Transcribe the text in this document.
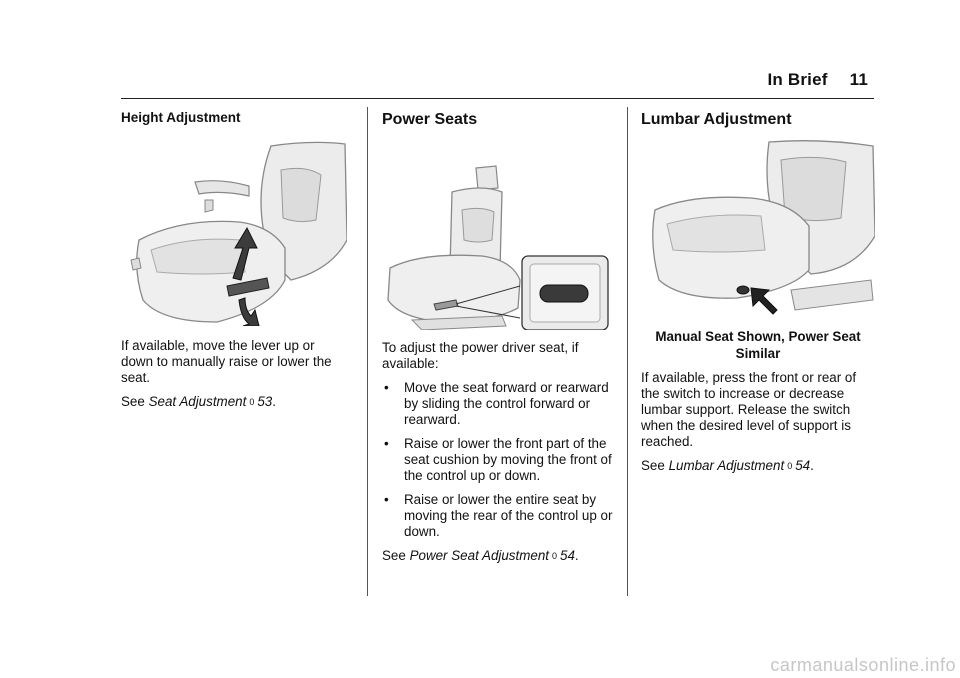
In Brief 11
Height Adjustment

If available, move the lever up or down to manually raise or lower the seat.

See Seat Adjustment 0 53.

Power Seats

To adjust the power driver seat, if available:

• Move the seat forward or rearward by sliding the control forward or rearward.
• Raise or lower the front part of the seat cushion by moving the front of the control up or down.
• Raise or lower the entire seat by moving the rear of the control up or down.

See Power Seat Adjustment 0 54.

Lumbar Adjustment
Manual Seat Shown, Power Seat Similar

If available, press the front or rear of the switch to increase or decrease lumbar support. Release the switch when the desired level of support is reached.

See Lumbar Adjustment 0 54.

carmanualsonline.info
